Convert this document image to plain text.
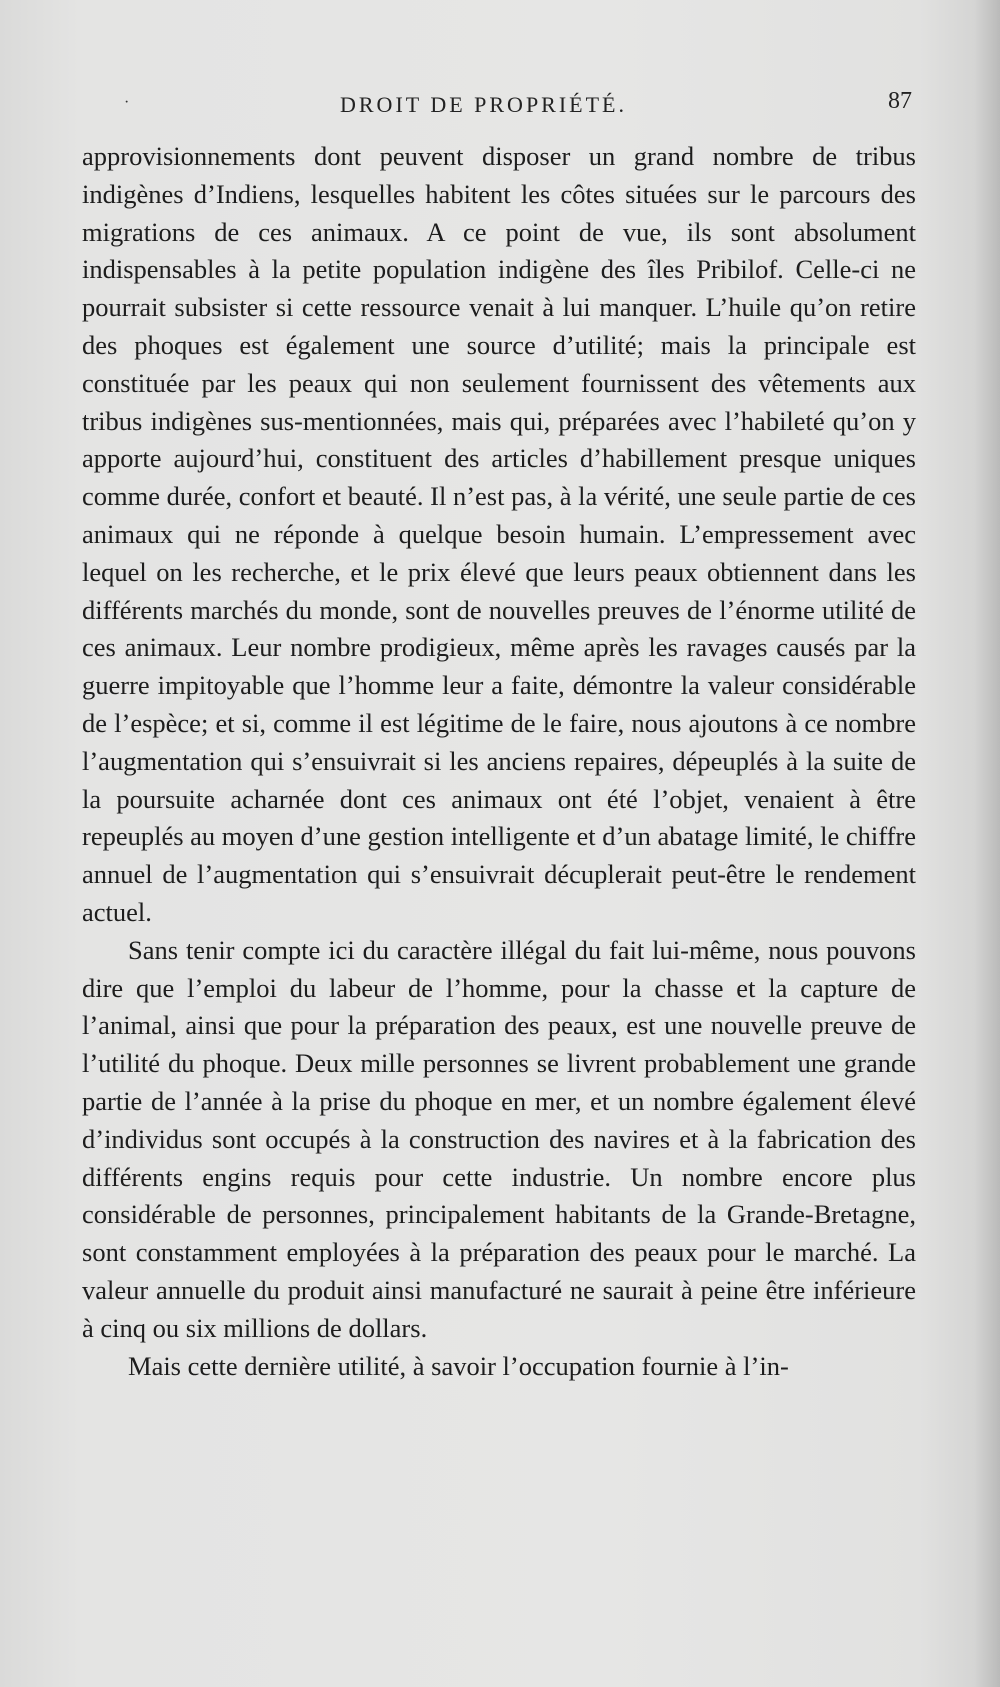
·	DROIT DE PROPRIÉTÉ.	87

approvisionnements dont peuvent disposer un grand nombre de tribus indigènes d’Indiens, lesquelles habitent les côtes situées sur le parcours des migrations de ces animaux. A ce point de vue, ils sont absolument indispensables à la petite population indigène des îles Pribilof. Celle-ci ne pourrait subsister si cette ressource venait à lui manquer. L’huile qu’on retire des phoques est également une source d’utilité; mais la principale est constituée par les peaux qui non seulement fournissent des vêtements aux tribus indigènes sus-mentionnées, mais qui, préparées avec l’habileté qu’on y apporte aujourd’hui, constituent des articles d’habillement presque uniques comme durée, confort et beauté. Il n’est pas, à la vérité, une seule partie de ces animaux qui ne réponde à quelque besoin humain. L’empressement avec lequel on les recherche, et le prix élevé que leurs peaux obtiennent dans les différents marchés du monde, sont de nouvelles preuves de l’énorme utilité de ces animaux. Leur nombre prodigieux, même après les ravages causés par la guerre impitoyable que l’homme leur a faite, démontre la valeur considérable de l’espèce; et si, comme il est légitime de le faire, nous ajoutons à ce nombre l’augmentation qui s’ensuivrait si les anciens repaires, dépeuplés à la suite de la poursuite acharnée dont ces animaux ont été l’objet, venaient à être repeuplés au moyen d’une gestion intelligente et d’un abatage limité, le chiffre annuel de l’augmentation qui s’ensuivrait décuplerait peut-être le rendement actuel.

Sans tenir compte ici du caractère illégal du fait lui-même, nous pouvons dire que l’emploi du labeur de l’homme, pour la chasse et la capture de l’animal, ainsi que pour la préparation des peaux, est une nouvelle preuve de l’utilité du phoque. Deux mille personnes se livrent probablement une grande partie de l’année à la prise du phoque en mer, et un nombre également élevé d’individus sont occupés à la construction des navires et à la fabrication des différents engins requis pour cette industrie. Un nombre encore plus considérable de personnes, principalement habitants de la Grande-Bretagne, sont constamment employées à la préparation des peaux pour le marché. La valeur annuelle du produit ainsi manufacturé ne saurait à peine être inférieure à cinq ou six millions de dollars.

Mais cette dernière utilité, à savoir l’occupation fournie à l’in-
